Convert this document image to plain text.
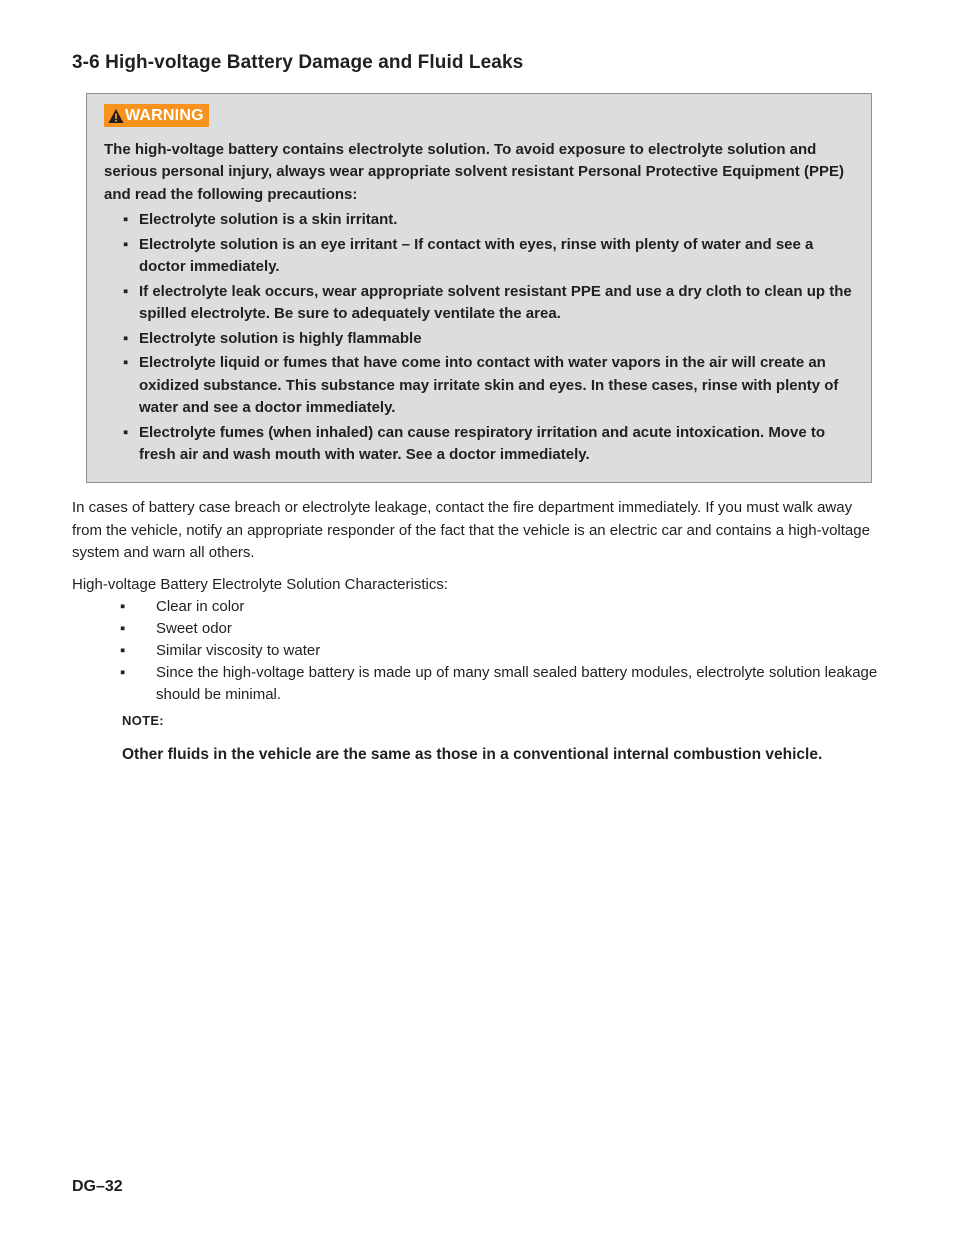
3-6 High-voltage Battery Damage and Fluid Leaks
WARNING

The high-voltage battery contains electrolyte solution. To avoid exposure to electrolyte solution and serious personal injury, always wear appropriate solvent resistant Personal Protective Equipment (PPE) and read the following precautions:

▪ Electrolyte solution is a skin irritant.
▪ Electrolyte solution is an eye irritant – If contact with eyes, rinse with plenty of water and see a doctor immediately.
▪ If electrolyte leak occurs, wear appropriate solvent resistant PPE and use a dry cloth to clean up the spilled electrolyte. Be sure to adequately ventilate the area.
▪ Electrolyte solution is highly flammable
▪ Electrolyte liquid or fumes that have come into contact with water vapors in the air will create an oxidized substance. This substance may irritate skin and eyes. In these cases, rinse with plenty of water and see a doctor immediately.
▪ Electrolyte fumes (when inhaled) can cause respiratory irritation and acute intoxication. Move to fresh air and wash mouth with water. See a doctor immediately.

In cases of battery case breach or electrolyte leakage, contact the fire department immediately. If you must walk away from the vehicle, notify an appropriate responder of the fact that the vehicle is an electric car and contains a high-voltage system and warn all others.

High-voltage Battery Electrolyte Solution Characteristics:

▪ Clear in color
▪ Sweet odor
▪ Similar viscosity to water
▪ Since the high-voltage battery is made up of many small sealed battery modules, electrolyte solution leakage should be minimal.

NOTE:

Other fluids in the vehicle are the same as those in a conventional internal combustion vehicle.

DG–32
